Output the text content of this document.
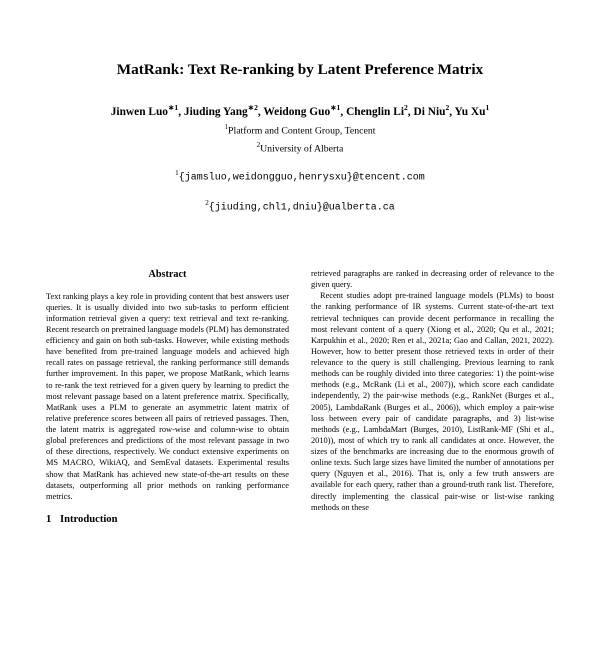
MatRank: Text Re-ranking by Latent Preference Matrix
Jinwen Luo$^{∗1}$, Jiuding Yang$^{∗2}$, Weidong Guo$^{∗1}$, Chenglin Li$^2$, Di Niu$^2$, Yu Xu$^1$
$^1$Platform and Content Group, Tencent
$^2$University of Alberta
$^1${jamsluo,weidongguo,henrysxu}@tencent.com
$^2${jiuding,chl1,dniu}@ualberta.ca
Abstract

Text ranking plays a key role in providing content that best answers user queries. It is usually divided into two sub-tasks to perform efficient information retrieval given a query: text retrieval and text re-ranking. Recent research on pretrained language models (PLM) has demonstrated efficiency and gain on both sub-tasks. However, while existing methods have benefited from pre-trained language models and achieved high recall rates on passage retrieval, the ranking performance still demands further improvement. In this paper, we propose MatRank, which learns to re-rank the text retrieved for a given query by learning to predict the most relevant passage based on a latent preference matrix. Specifically, MatRank uses a PLM to generate an asymmetric latent matrix of relative preference scores between all pairs of retrieved passages. Then, the latent matrix is aggregated row-wise and column-wise to obtain global preferences and predictions of the most relevant passage in two of these directions, respectively. We conduct extensive experiments on MS MACRO, WikiAQ, and SemEval datasets. Experimental results show that MatRank has achieved new state-of-the-art results on these datasets, outperforming all prior methods on ranking performance metrics.

1 Introduction

retrieved paragraphs are ranked in decreasing order of relevance to the given query.

Recent studies adopt pre-trained language models (PLMs) to boost the ranking performance of IR systems. Current state-of-the-art text retrieval techniques can provide decent performance in recalling the most relevant content of a query (Xiong et al., 2020; Qu et al., 2021; Karpukhin et al., 2020; Ren et al., 2021a; Gao and Callan, 2021, 2022). However, how to better present those retrieved texts in order of their relevance to the query is still challenging. Previous learning to rank methods can be roughly divided into three categories: 1) the point-wise methods (e.g., McRank (Li et al., 2007)), which score each candidate independently, 2) the pair-wise methods (e.g., RankNet (Burges et al., 2005), LambdaRank (Burges et al., 2006)), which employ a pair-wise loss between every pair of candidate paragraphs, and 3) list-wise methods (e.g., LambdaMart (Burges, 2010), ListRank-MF (Shi et al., 2010)), most of which try to rank all candidates at once. However, the sizes of the benchmarks are increasing due to the enormous growth of online texts. Such large sizes have limited the number of annotations per query (Nguyen et al., 2016). That is, only a few truth answers are available for each query, rather than a ground-truth rank list. Therefore, directly implementing the classical pair-wise or list-wise ranking methods on these
